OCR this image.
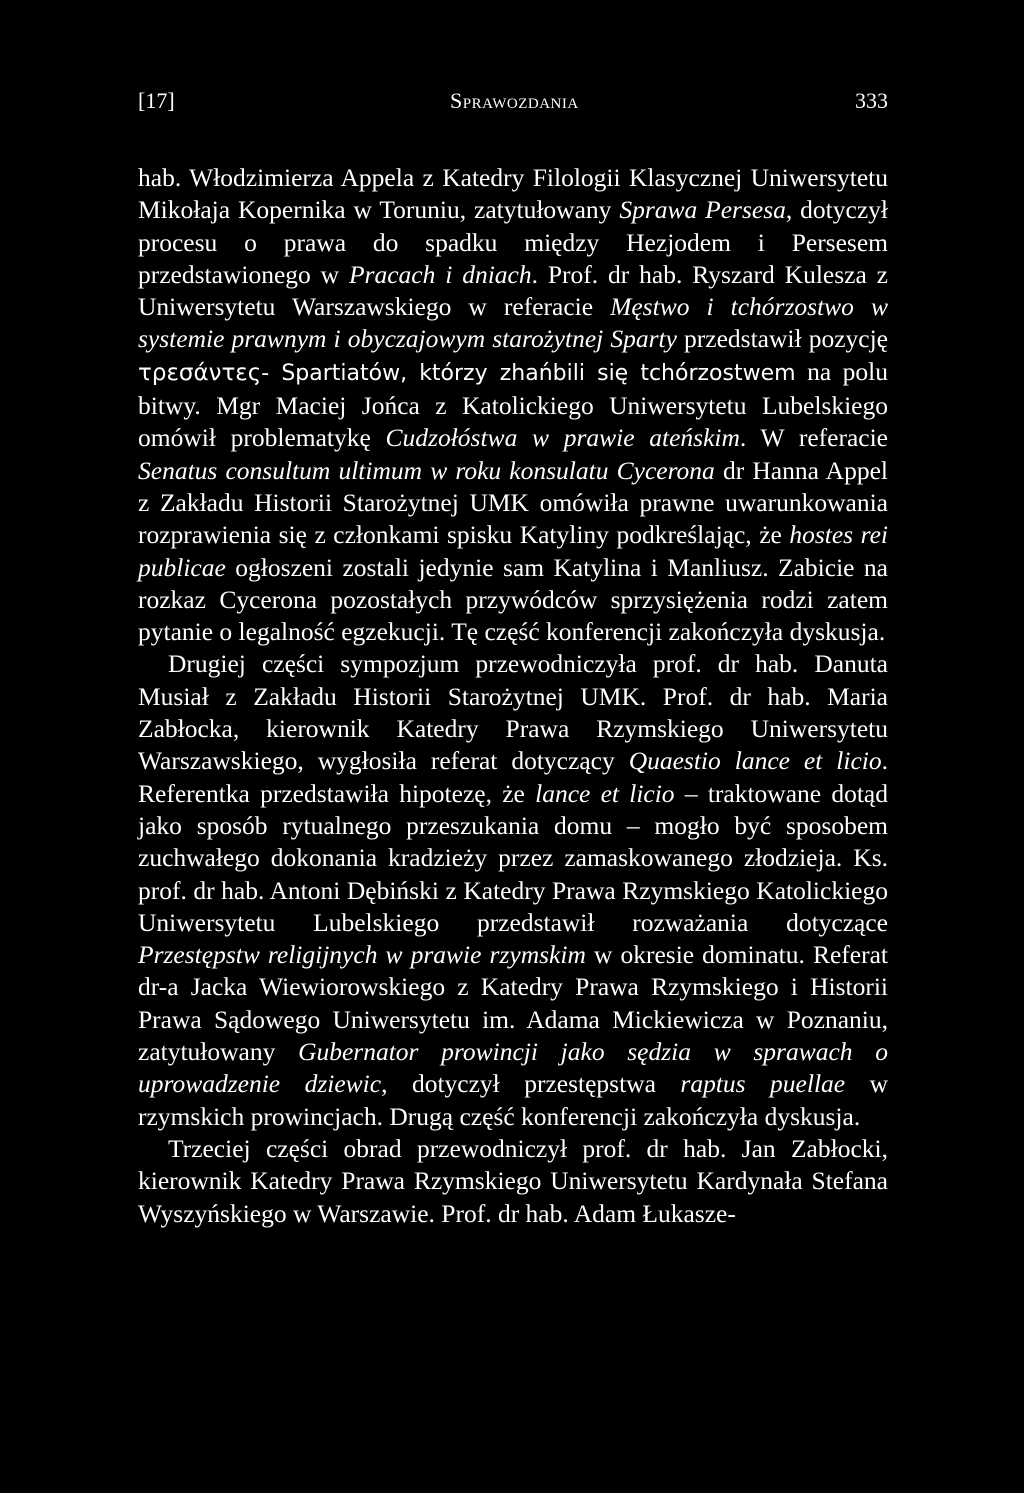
[17]	Sprawozdania	333

hab. Włodzimierza Appela z Katedry Filologii Klasycznej Uniwersytetu Mikołaja Kopernika w Toruniu, zatytułowany Sprawa Persesa, dotyczył procesu o prawa do spadku między Hezjodem i Persesem przedstawionego w Pracach i dniach. Prof. dr hab. Ryszard Kulesza z Uniwersytetu Warszawskiego w referacie Męstwo i tchórzostwo w systemie prawnym i obyczajowym starożytnej Sparty przedstawił pozycję τρεσάντες- Spartiatów, którzy zhańbili się tchórzostwem na polu bitwy. Mgr Maciej Jońca z Katolickiego Uniwersytetu Lubelskiego omówił problematykę Cudzołóstwa w prawie ateńskim. W referacie Senatus consultum ultimum w roku konsulatu Cycerona dr Hanna Appel z Zakładu Historii Starożytnej UMK omówiła prawne uwarunkowania rozprawienia się z członkami spisku Katyliny podkreślając, że hostes rei publicae ogłoszeni zostali jedynie sam Katylina i Manliusz. Zabicie na rozkaz Cycerona pozostałych przywódców sprzysiężenia rodzi zatem pytanie o legalność egzekucji. Tę część konferencji zakończyła dyskusja.

Drugiej części sympozjum przewodniczyła prof. dr hab. Danuta Musiał z Zakładu Historii Starożytnej UMK. Prof. dr hab. Maria Zabłocka, kierownik Katedry Prawa Rzymskiego Uniwersytetu Warszawskiego, wygłosiła referat dotyczący Quaestio lance et licio. Referentka przedstawiła hipotezę, że lance et licio – traktowane dotąd jako sposób rytualnego przeszukania domu – mogło być sposobem zuchwałego dokonania kradzieży przez zamaskowanego złodzieja. Ks. prof. dr hab. Antoni Dębiński z Katedry Prawa Rzymskiego Katolickiego Uniwersytetu Lubelskiego przedstawił rozważania dotyczące Przestępstw religijnych w prawie rzymskim w okresie dominatu. Referat dr-a Jacka Wiewiorowskiego z Katedry Prawa Rzymskiego i Historii Prawa Sądowego Uniwersytetu im. Adama Mickiewicza w Poznaniu, zatytułowany Gubernator prowincji jako sędzia w sprawach o uprowadzenie dziewic, dotyczył przestępstwa raptus puellae w rzymskich prowincjach. Drugą część konferencji zakończyła dyskusja.

Trzeciej części obrad przewodniczył prof. dr hab. Jan Zabłocki, kierownik Katedry Prawa Rzymskiego Uniwersytetu Kardynała Stefana Wyszyńskiego w Warszawie. Prof. dr hab. Adam Łukasze-
